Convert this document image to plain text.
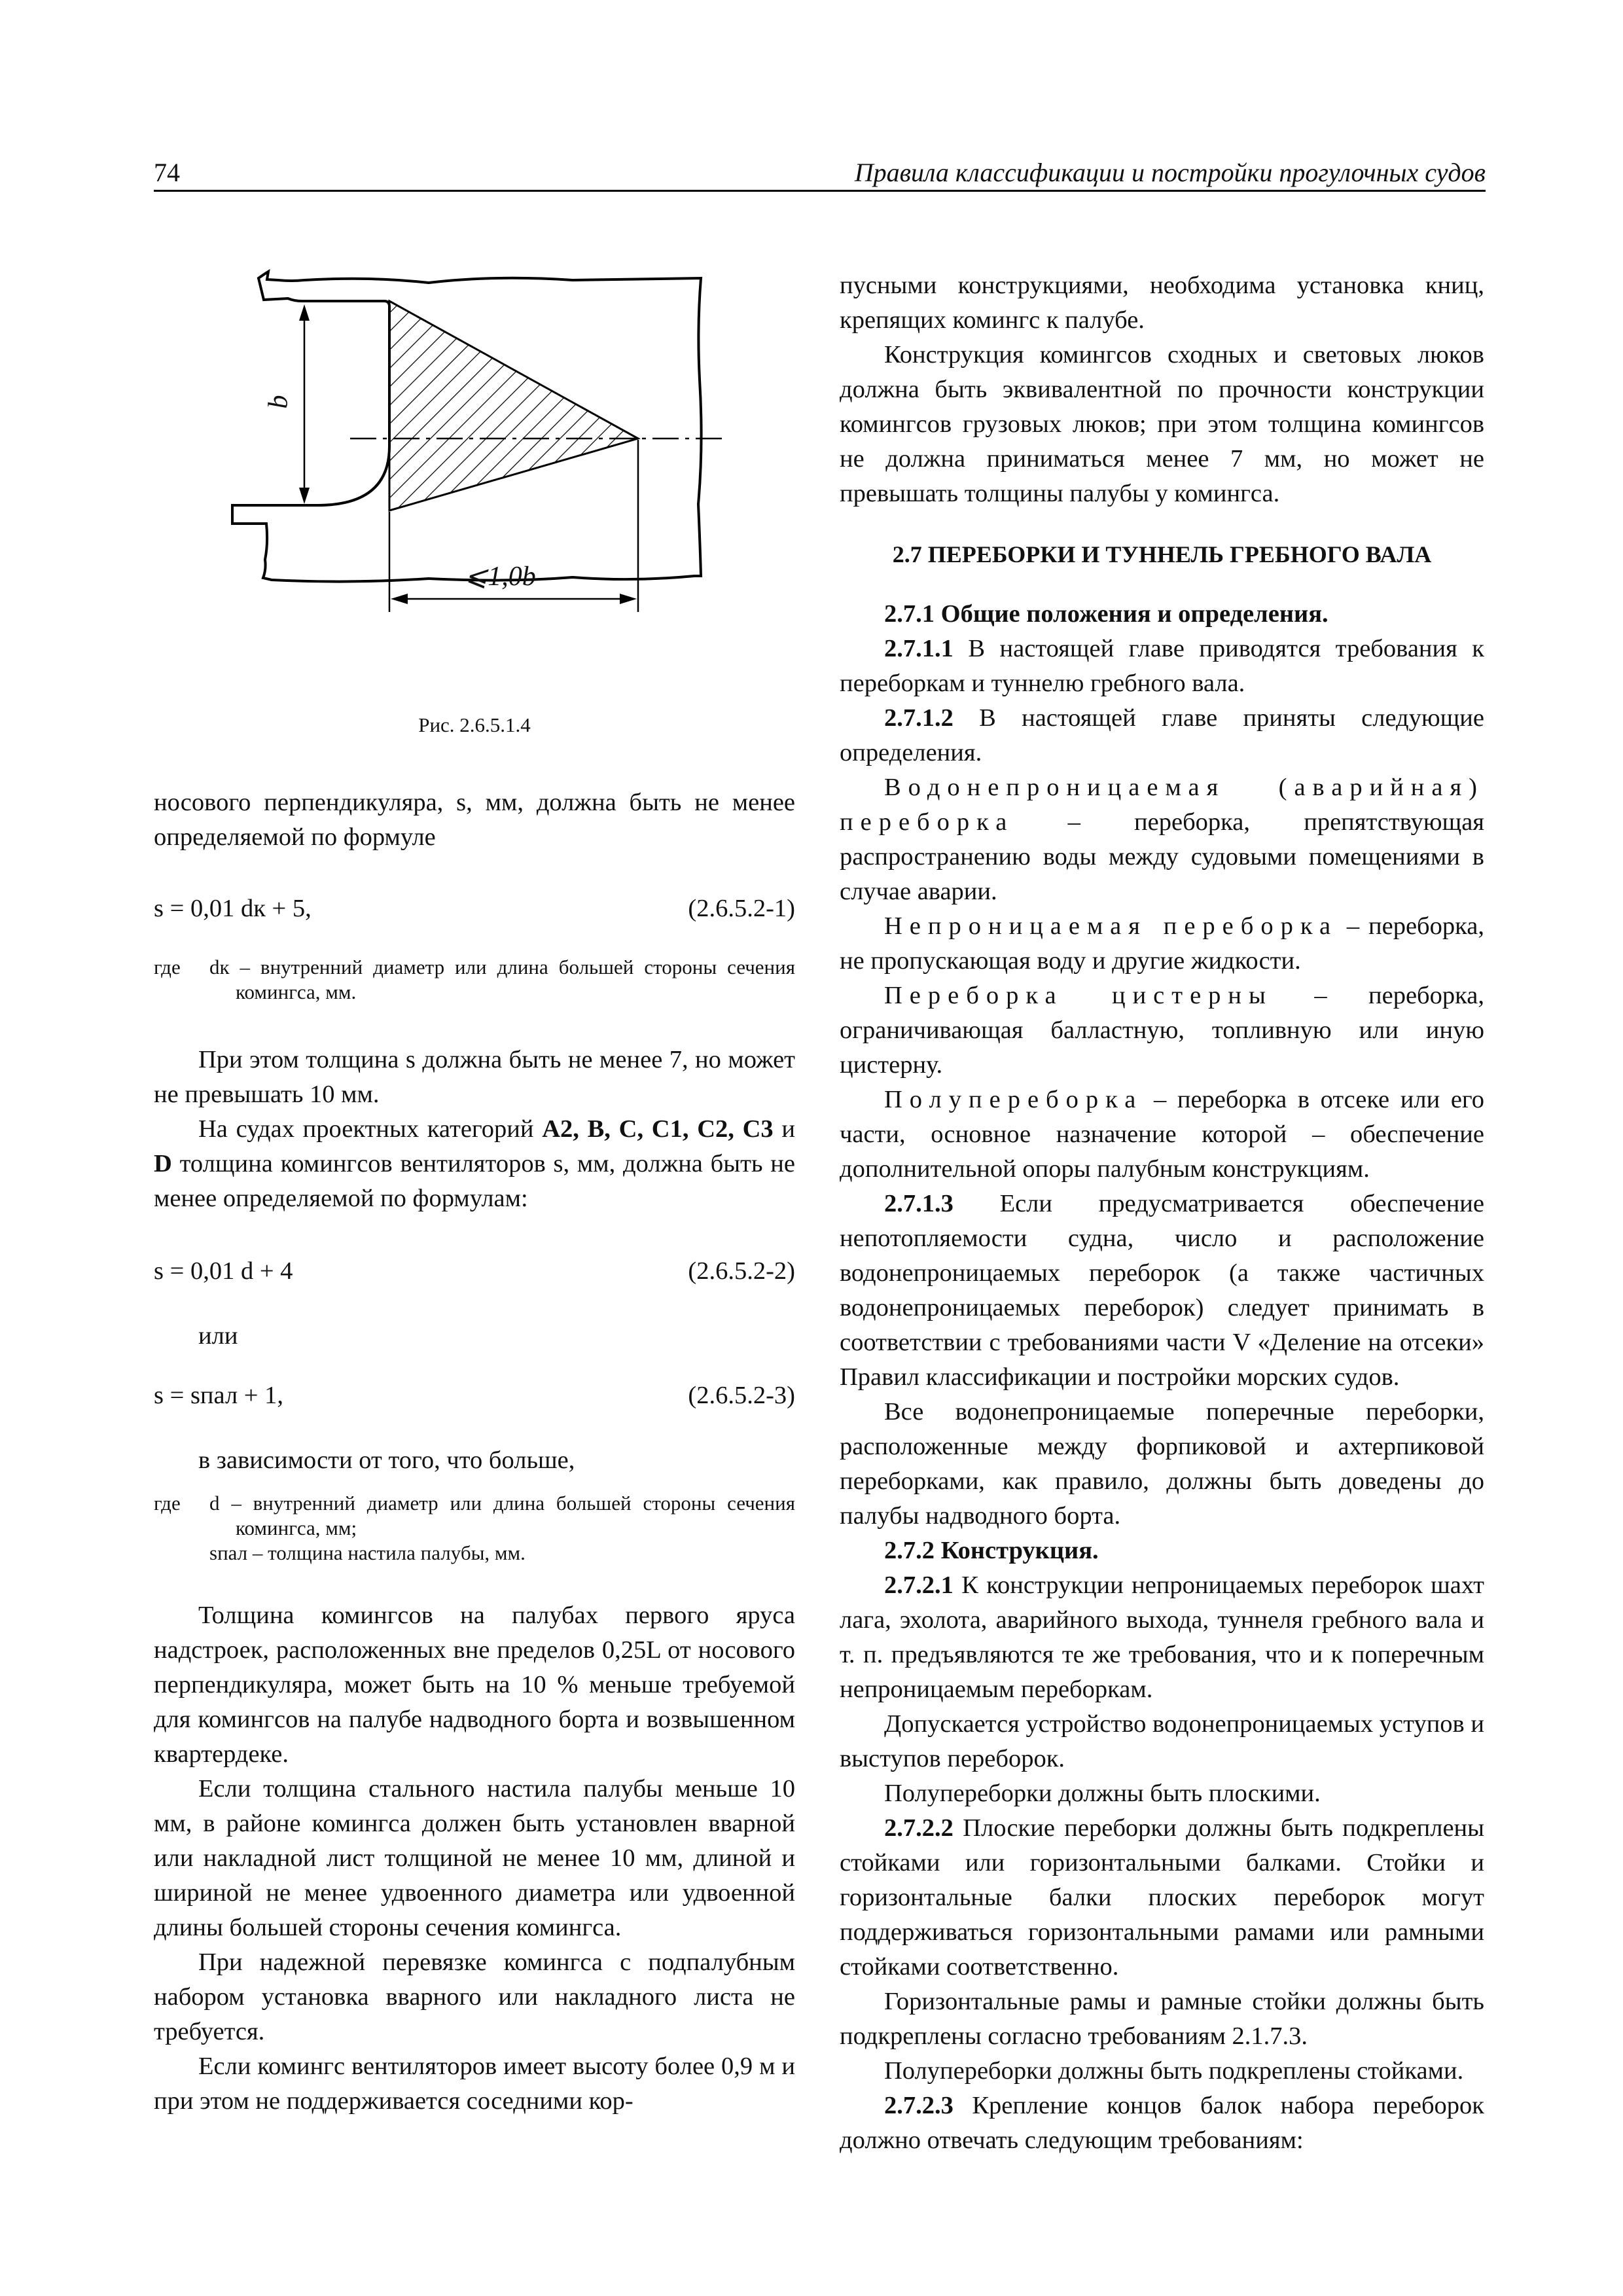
74	Правила классификации и постройки прогулочных судов
b
⩽1,0b
Рис. 2.6.5.1.4

носового перпендикуляра, s, мм, должна быть не менее определяемой по формуле

s = 0,01 dк + 5,	(2.6.5.2-1)
где dк – внутренний диаметр или длина большей стороны сечения комингса, мм.

При этом толщина s должна быть не менее 7, но может не превышать 10 мм.

На судах проектных категорий A2, B, C, C1, C2, C3 и D толщина комингсов вентиляторов s, мм, должна быть не менее определяемой по формулам:

s = 0,01 d + 4	(2.6.5.2-2)

или

s = sпал + 1,	(2.6.5.2-3)

в зависимости от того, что больше,

где d – внутренний диаметр или длина большей стороны сечения комингса, мм;
sпал – толщина настила палубы, мм.

Толщина комингсов на палубах первого яруса надстроек, расположенных вне пределов 0,25L от носового перпендикуляра, может быть на 10 % меньше требуемой для комингсов на палубе надводного борта и возвышенном квартердеке.

Если толщина стального настила палубы меньше 10 мм, в районе комингса должен быть установлен вварной или накладной лист толщиной не менее 10 мм, длиной и шириной не менее удвоенного диаметра или удвоенной длины большей стороны сечения комингса.

При надежной перевязке комингса с подпалубным набором установка вварного или накладного листа не требуется.

Если комингс вентиляторов имеет высоту более 0,9 м и при этом не поддерживается соседними кор-

пусными конструкциями, необходима установка книц, крепящих комингс к палубе.

Конструкция комингсов сходных и световых люков должна быть эквивалентной по прочности конструкции комингсов грузовых люков; при этом толщина комингсов не должна приниматься менее 7 мм, но может не превышать толщины палубы у комингса.

2.7 ПЕРЕБОРКИ И ТУННЕЛЬ ГРЕБНОГО ВАЛА

2.7.1 Общие положения и определения.

2.7.1.1 В настоящей главе приводятся требования к переборкам и туннелю гребного вала.

2.7.1.2 В настоящей главе приняты следующие определения.

Водонепроницаемая (аварийная) переборка – переборка, препятствующая распространению воды между судовыми помещениями в случае аварии.

Непроницаемая переборка – переборка, не пропускающая воду и другие жидкости.

Переборка цистерны – переборка, ограничивающая балластную, топливную или иную цистерну.

Полупереборка – переборка в отсеке или его части, основное назначение которой – обеспечение дополнительной опоры палубным конструкциям.

2.7.1.3 Если предусматривается обеспечение непотопляемости судна, число и расположение водонепроницаемых переборок (а также частичных водонепроницаемых переборок) следует принимать в соответствии с требованиями части V «Деление на отсеки» Правил классификации и постройки морских судов.

Все водонепроницаемые поперечные переборки, расположенные между форпиковой и ахтерпиковой переборками, как правило, должны быть доведены до палубы надводного борта.

2.7.2 Конструкция.

2.7.2.1 К конструкции непроницаемых переборок шахт лага, эхолота, аварийного выхода, туннеля гребного вала и т. п. предъявляются те же требования, что и к поперечным непроницаемым переборкам.

Допускается устройство водонепроницаемых уступов и выступов переборок.

Полупереборки должны быть плоскими.

2.7.2.2 Плоские переборки должны быть подкреплены стойками или горизонтальными балками. Стойки и горизонтальные балки плоских переборок могут поддерживаться горизонтальными рамами или рамными стойками соответственно.

Горизонтальные рамы и рамные стойки должны быть подкреплены согласно требованиям 2.1.7.3.

Полупереборки должны быть подкреплены стойками.

2.7.2.3 Крепление концов балок набора переборок должно отвечать следующим требованиям:
